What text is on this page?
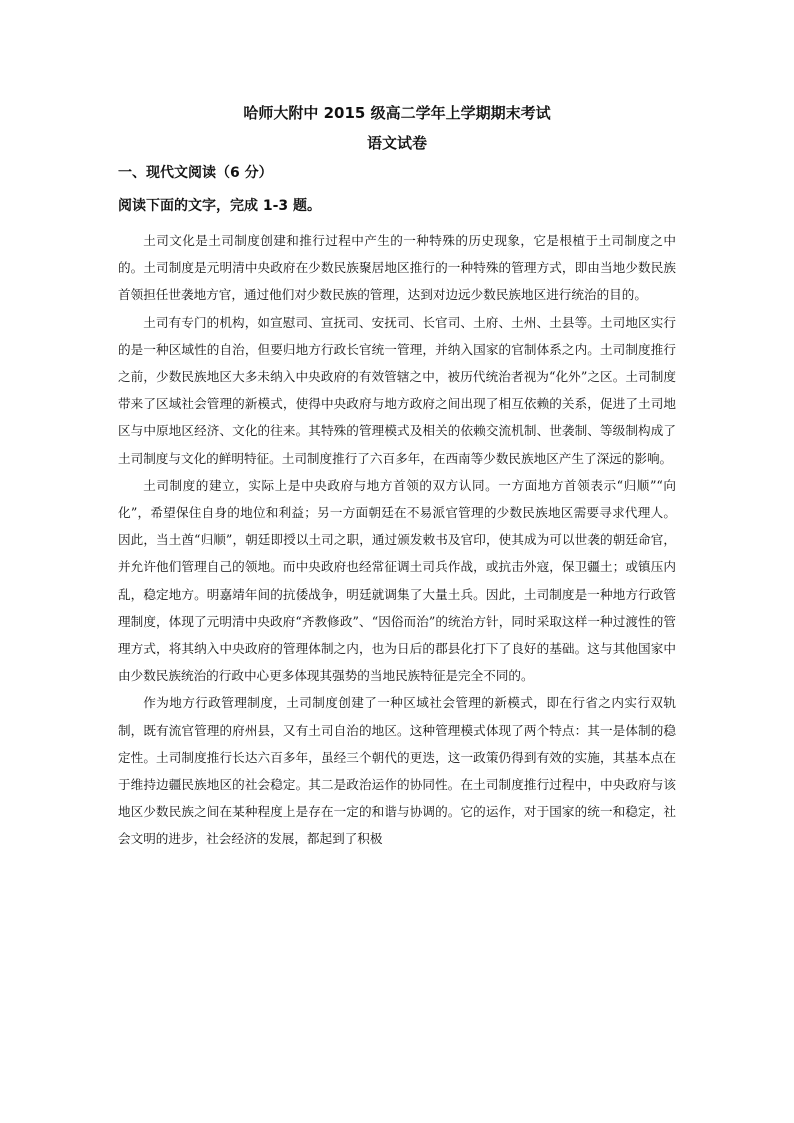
哈师大附中 2015 级高二学年上学期期末考试
语文试卷
一、现代文阅读（6 分）
阅读下面的文字，完成 1-3 题。

土司文化是土司制度创建和推行过程中产生的一种特殊的历史现象，它是根植于土司制度之中的。土司制度是元明清中央政府在少数民族聚居地区推行的一种特殊的管理方式，即由当地少数民族首领担任世袭地方官，通过他们对少数民族的管理，达到对边远少数民族地区进行统治的目的。

土司有专门的机构，如宣慰司、宣抚司、安抚司、长官司、土府、土州、土县等。土司地区实行的是一种区域性的自治，但要归地方行政长官统一管理，并纳入国家的官制体系之内。土司制度推行之前，少数民族地区大多未纳入中央政府的有效管辖之中，被历代统治者视为“化外”之区。土司制度带来了区域社会管理的新模式，使得中央政府与地方政府之间出现了相互依赖的关系，促进了土司地区与中原地区经济、文化的往来。其特殊的管理模式及相关的依赖交流机制、世袭制、等级制构成了土司制度与文化的鲜明特征。土司制度推行了六百多年，在西南等少数民族地区产生了深远的影响。

土司制度的建立，实际上是中央政府与地方首领的双方认同。一方面地方首领表示“归顺”“向化”，希望保住自身的地位和利益；另一方面朝廷在不易派官管理的少数民族地区需要寻求代理人。因此，当土酋“归顺”，朝廷即授以土司之职，通过颁发敕书及官印，使其成为可以世袭的朝廷命官，并允许他们管理自己的领地。而中央政府也经常征调土司兵作战，或抗击外寇，保卫疆土；或镇压内乱，稳定地方。明嘉靖年间的抗倭战争，明廷就调集了大量土兵。因此，土司制度是一种地方行政管理制度，体现了元明清中央政府“齐教修政”、“因俗而治”的统治方针，同时采取这样一种过渡性的管理方式，将其纳入中央政府的管理体制之内，也为日后的郡县化打下了良好的基础。这与其他国家中由少数民族统治的行政中心更多体现其强势的当地民族特征是完全不同的。

作为地方行政管理制度，土司制度创建了一种区域社会管理的新模式，即在行省之内实行双轨制，既有流官管理的府州县，又有土司自治的地区。这种管理模式体现了两个特点：其一是体制的稳定性。土司制度推行长达六百多年，虽经三个朝代的更迭，这一政策仍得到有效的实施，其基本点在于维持边疆民族地区的社会稳定。其二是政治运作的协同性。在土司制度推行过程中，中央政府与该地区少数民族之间在某种程度上是存在一定的和谐与协调的。它的运作，对于国家的统一和稳定，社会文明的进步，社会经济的发展，都起到了积极
